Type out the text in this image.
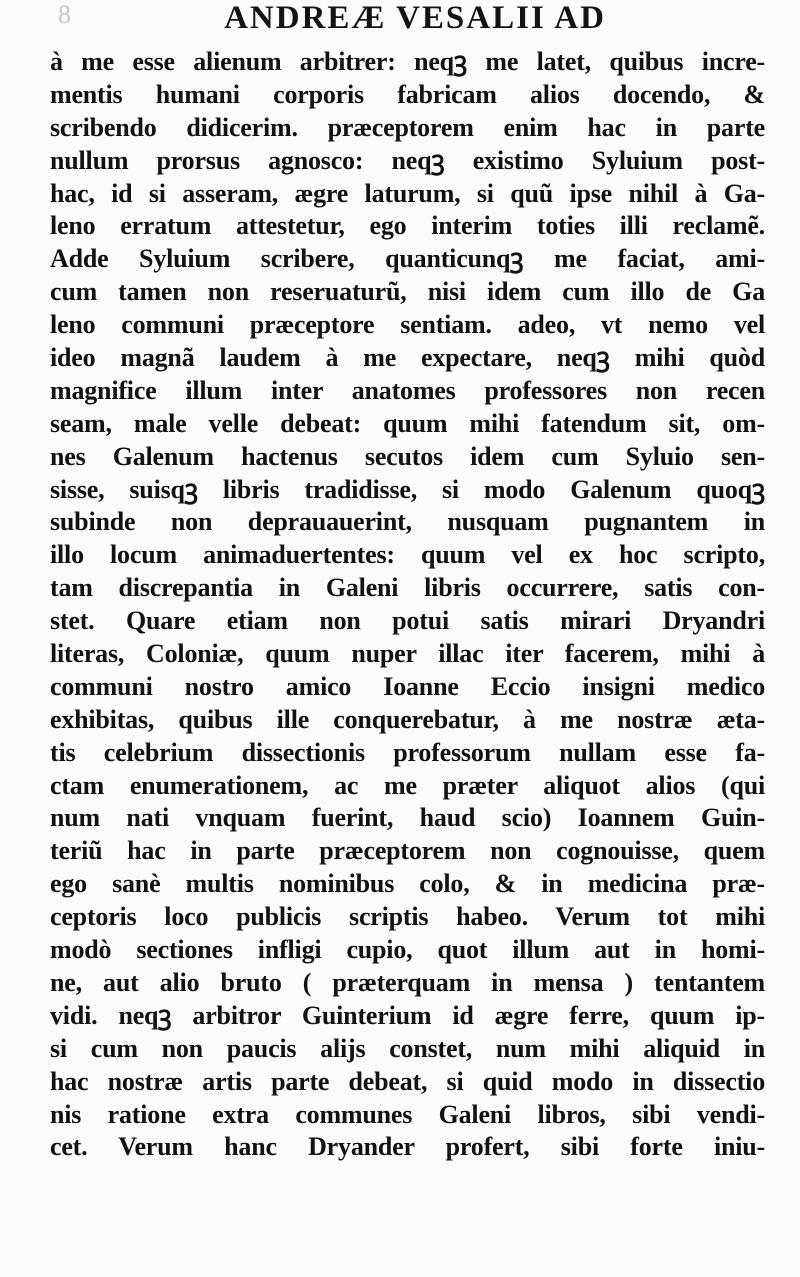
8	ANDREÆ VESALII AD
à me esse alienum arbitrer: neqꝫ me latet, quibus incre-
mentis humani corporis fabricam alios docendo, &
scribendo didicerim. præceptorem enim hac in parte
nullum prorsus agnosco: neqꝫ existimo Syluium post-
hac, id si asseram, ægre laturum, si quũ ipse nihil à Ga-
leno erratum attestetur, ego interim toties illi reclamẽ.
Adde Syluium scribere, quanticunqꝫ me faciat, ami-
cum tamen non reseruaturũ, nisi idem cum illo de Ga
leno communi præceptore sentiam. adeo, vt nemo vel
ideo magnã laudem à me expectare, neqꝫ mihi quòd
magnifice illum inter anatomes professores non recen
seam, male velle debeat: quum mihi fatendum sit, om-
nes Galenum hactenus secutos idem cum Syluio sen-
sisse, suisqꝫ libris tradidisse, si modo Galenum quoqꝫ
subinde non deprauauerint, nusquam pugnantem in
illo locum animaduertentes: quum vel ex hoc scripto,
tam discrepantia in Galeni libris occurrere, satis con-
stet. Quare etiam non potui satis mirari Dryandri
literas, Coloniæ, quum nuper illac iter facerem, mihi à
communi nostro amico Ioanne Eccio insigni medico
exhibitas, quibus ille conquerebatur, à me nostræ æta-
tis celebrium dissectionis professorum nullam esse fa-
ctam enumerationem, ac me præter aliquot alios (qui
num nati vnquam fuerint, haud scio) Ioannem Guin-
teriũ hac in parte præceptorem non cognouisse, quem
ego sanè multis nominibus colo, & in medicina præ-
ceptoris loco publicis scriptis habeo. Verum tot mihi
modò sectiones infligi cupio, quot illum aut in homi-
ne, aut alio bruto ( præterquam in mensa ) tentantem
vidi. neqꝫ arbitror Guinterium id ægre ferre, quum ip-
si cum non paucis alijs constet, num mihi aliquid in
hac nostræ artis parte debeat, si quid modo in dissectio
nis ratione extra communes Galeni libros, sibi vendi-
cet. Verum hanc Dryander profert, sibi forte iniu-
